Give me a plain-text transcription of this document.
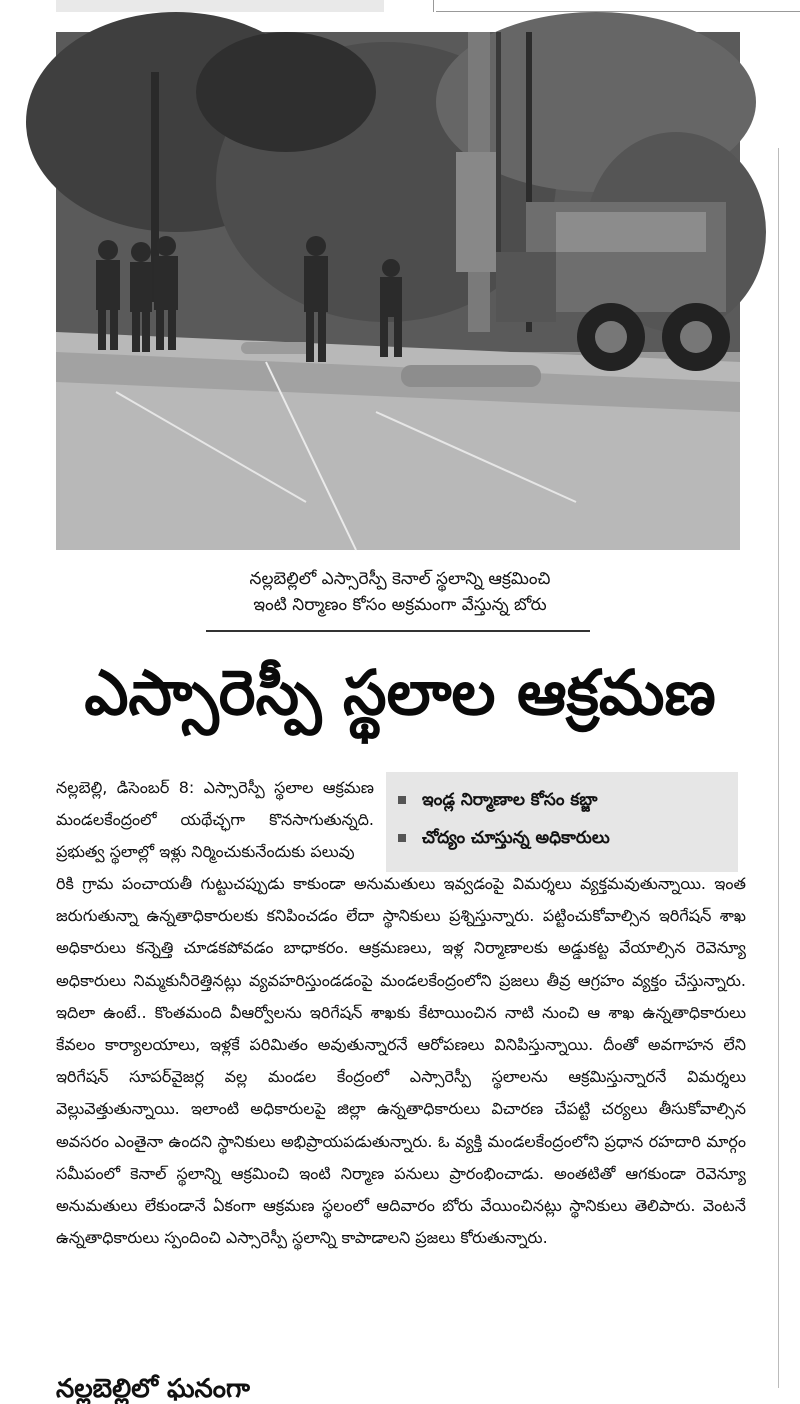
నల్లబెల్లిలో ఎస్సారెస్పీ కెనాల్‌ స్థలాన్ని ఆక్రమించి
ఇంటి నిర్మాణం కోసం అక్రమంగా వేస్తున్న బోరు
ఎస్సారెస్పీ స్థలాల ఆక్రమణ

నల్లబెల్లి, డిసెంబర్‌ 8: ఎస్సారెస్పీ స్థలాల ఆక్రమణ మండలకేంద్రంలో యథేచ్ఛగా కొనసాగుతున్నది. ప్రభుత్వ స్థలాల్లో ఇళ్లు నిర్మించుకునేందుకు పలువు

ఇండ్ల నిర్మాణాల కోసం కబ్జా
చోద్యం చూస్తున్న అధికారులు

రికి గ్రామ పంచాయతీ గుట్టుచప్పుడు కాకుండా అనుమతులు ఇవ్వడంపై విమర్శలు వ్యక్తమవుతున్నాయి. ఇంత జరుగుతున్నా ఉన్నతాధికారులకు కనిపించడం లేదా స్థానికులు ప్రశ్నిస్తున్నారు. పట్టించుకోవాల్సిన ఇరిగేషన్‌ శాఖ అధికారులు కన్నెత్తి చూడకపోవడం బాధాకరం. ఆక్రమణలు, ఇళ్ల నిర్మాణాలకు అడ్డుకట్ట వేయాల్సిన రెవెన్యూ అధికారులు నిమ్మకునీరెత్తినట్లు వ్యవహరిస్తుండడంపై మండలకేంద్రంలోని ప్రజలు తీవ్ర ఆగ్రహం వ్యక్తం చేస్తున్నారు. ఇదిలా ఉంటే.. కొంతమంది వీఆర్వోలను ఇరిగేషన్‌ శాఖకు కేటాయించిన నాటి నుంచి ఆ శాఖ ఉన్నతాధికారులు కేవలం కార్యాలయాలు, ఇళ్లకే పరిమితం అవుతున్నారనే ఆరోపణలు వినిపిస్తున్నాయి. దీంతో అవగాహన లేని ఇరిగేషన్‌ సూపర్‌వైజర్ల వల్ల మండల కేంద్రంలో ఎస్సారెస్పీ స్థలాలను ఆక్రమిస్తున్నారనే విమర్శలు వెల్లువెత్తుతున్నాయి. ఇలాంటి అధికారులపై జిల్లా ఉన్నతాధికారులు విచారణ చేపట్టి చర్యలు తీసుకోవాల్సిన అవసరం ఎంతైనా ఉందని స్థానికులు అభిప్రాయపడుతున్నారు. ఓ వ్యక్తి మండలకేంద్రంలోని ప్రధాన రహదారి మార్గం సమీపంలో కెనాల్‌ స్థలాన్ని ఆక్రమించి ఇంటి నిర్మాణ పనులు ప్రారంభించాడు. అంతటితో ఆగకుండా రెవెన్యూ అనుమతులు లేకుండానే ఏకంగా ఆక్రమణ స్థలంలో ఆదివారం బోరు వేయించినట్లు స్థానికులు తెలిపారు. వెంటనే ఉన్నతాధికారులు స్పందించి ఎస్సారెస్పీ స్థలాన్ని కాపాడాలని ప్రజలు కోరుతున్నారు.

నల్లబెల్లిలో ఘనంగా
